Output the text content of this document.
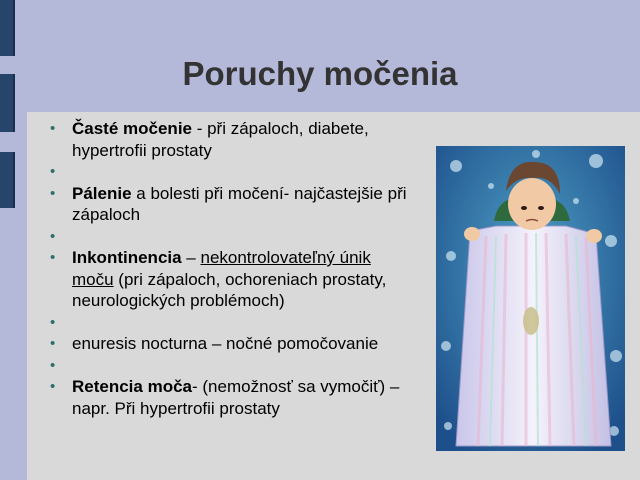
Poruchy močenia
• Časté močenie - při zápaloch, diabete, hypertrofii prostaty
•
• Pálenie a bolesti při močení- najčastejšie při zápaloch
•
• Inkontinencia – nekontrolovateľný únik moču (pri zápaloch, ochoreniach prostaty, neurologických problémoch)
•
• enuresis nocturna – nočné pomočovanie
•
• Retencia moča- (nemožnosť sa vymočiť) – napr. Při hypertrofii prostaty
